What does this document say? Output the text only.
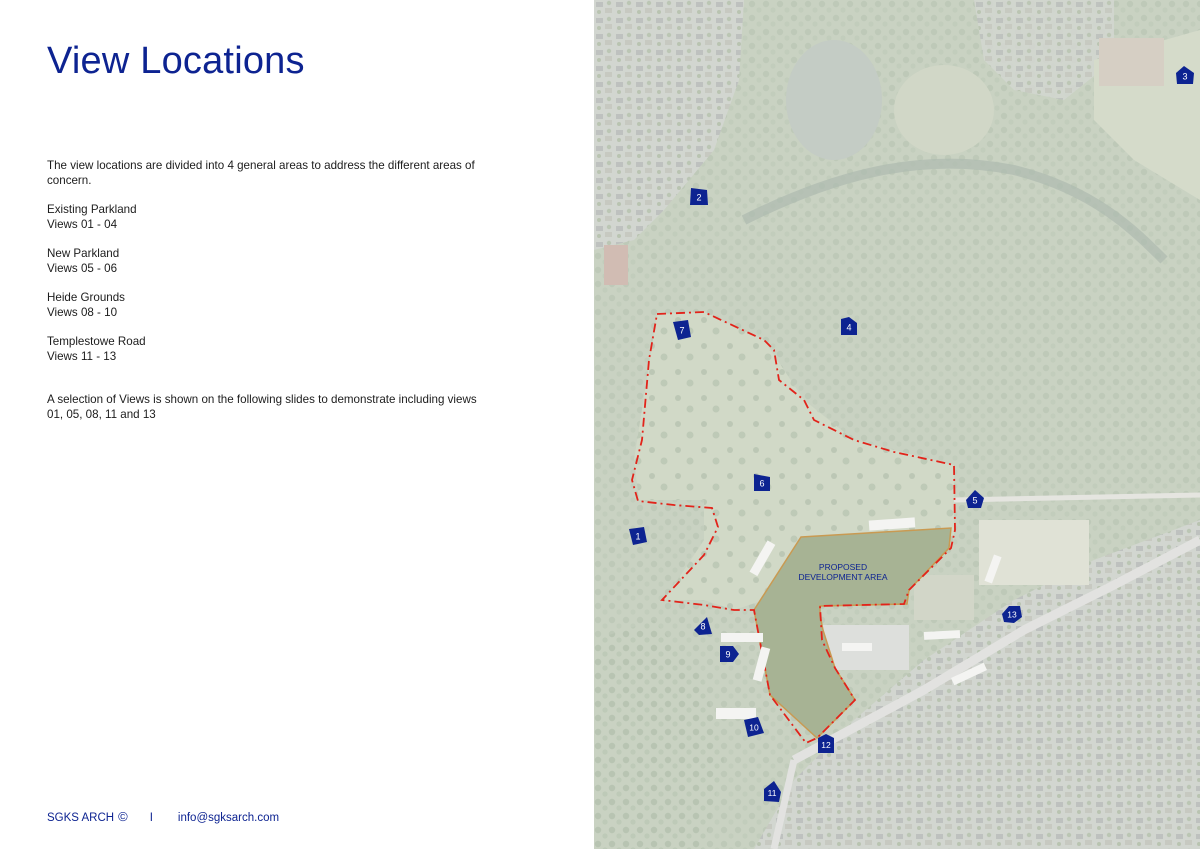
View Locations

The view locations are divided into 4 general areas to address the different areas of concern.

Existing Parkland

Views 01 - 04

New Parkland

Views 05 - 06

Heide Grounds

Views 08 - 10

Templestowe Road

Views 11 - 13

A selection of Views is shown on the following slides to demonstrate including views 01, 05, 08, 11 and 13

SGKS ARCH © I info@sgksarch.com
PROPOSED
DEVELOPMENT AREA
1
2
3
4
5
6
7
8
9
10
11
12
13
